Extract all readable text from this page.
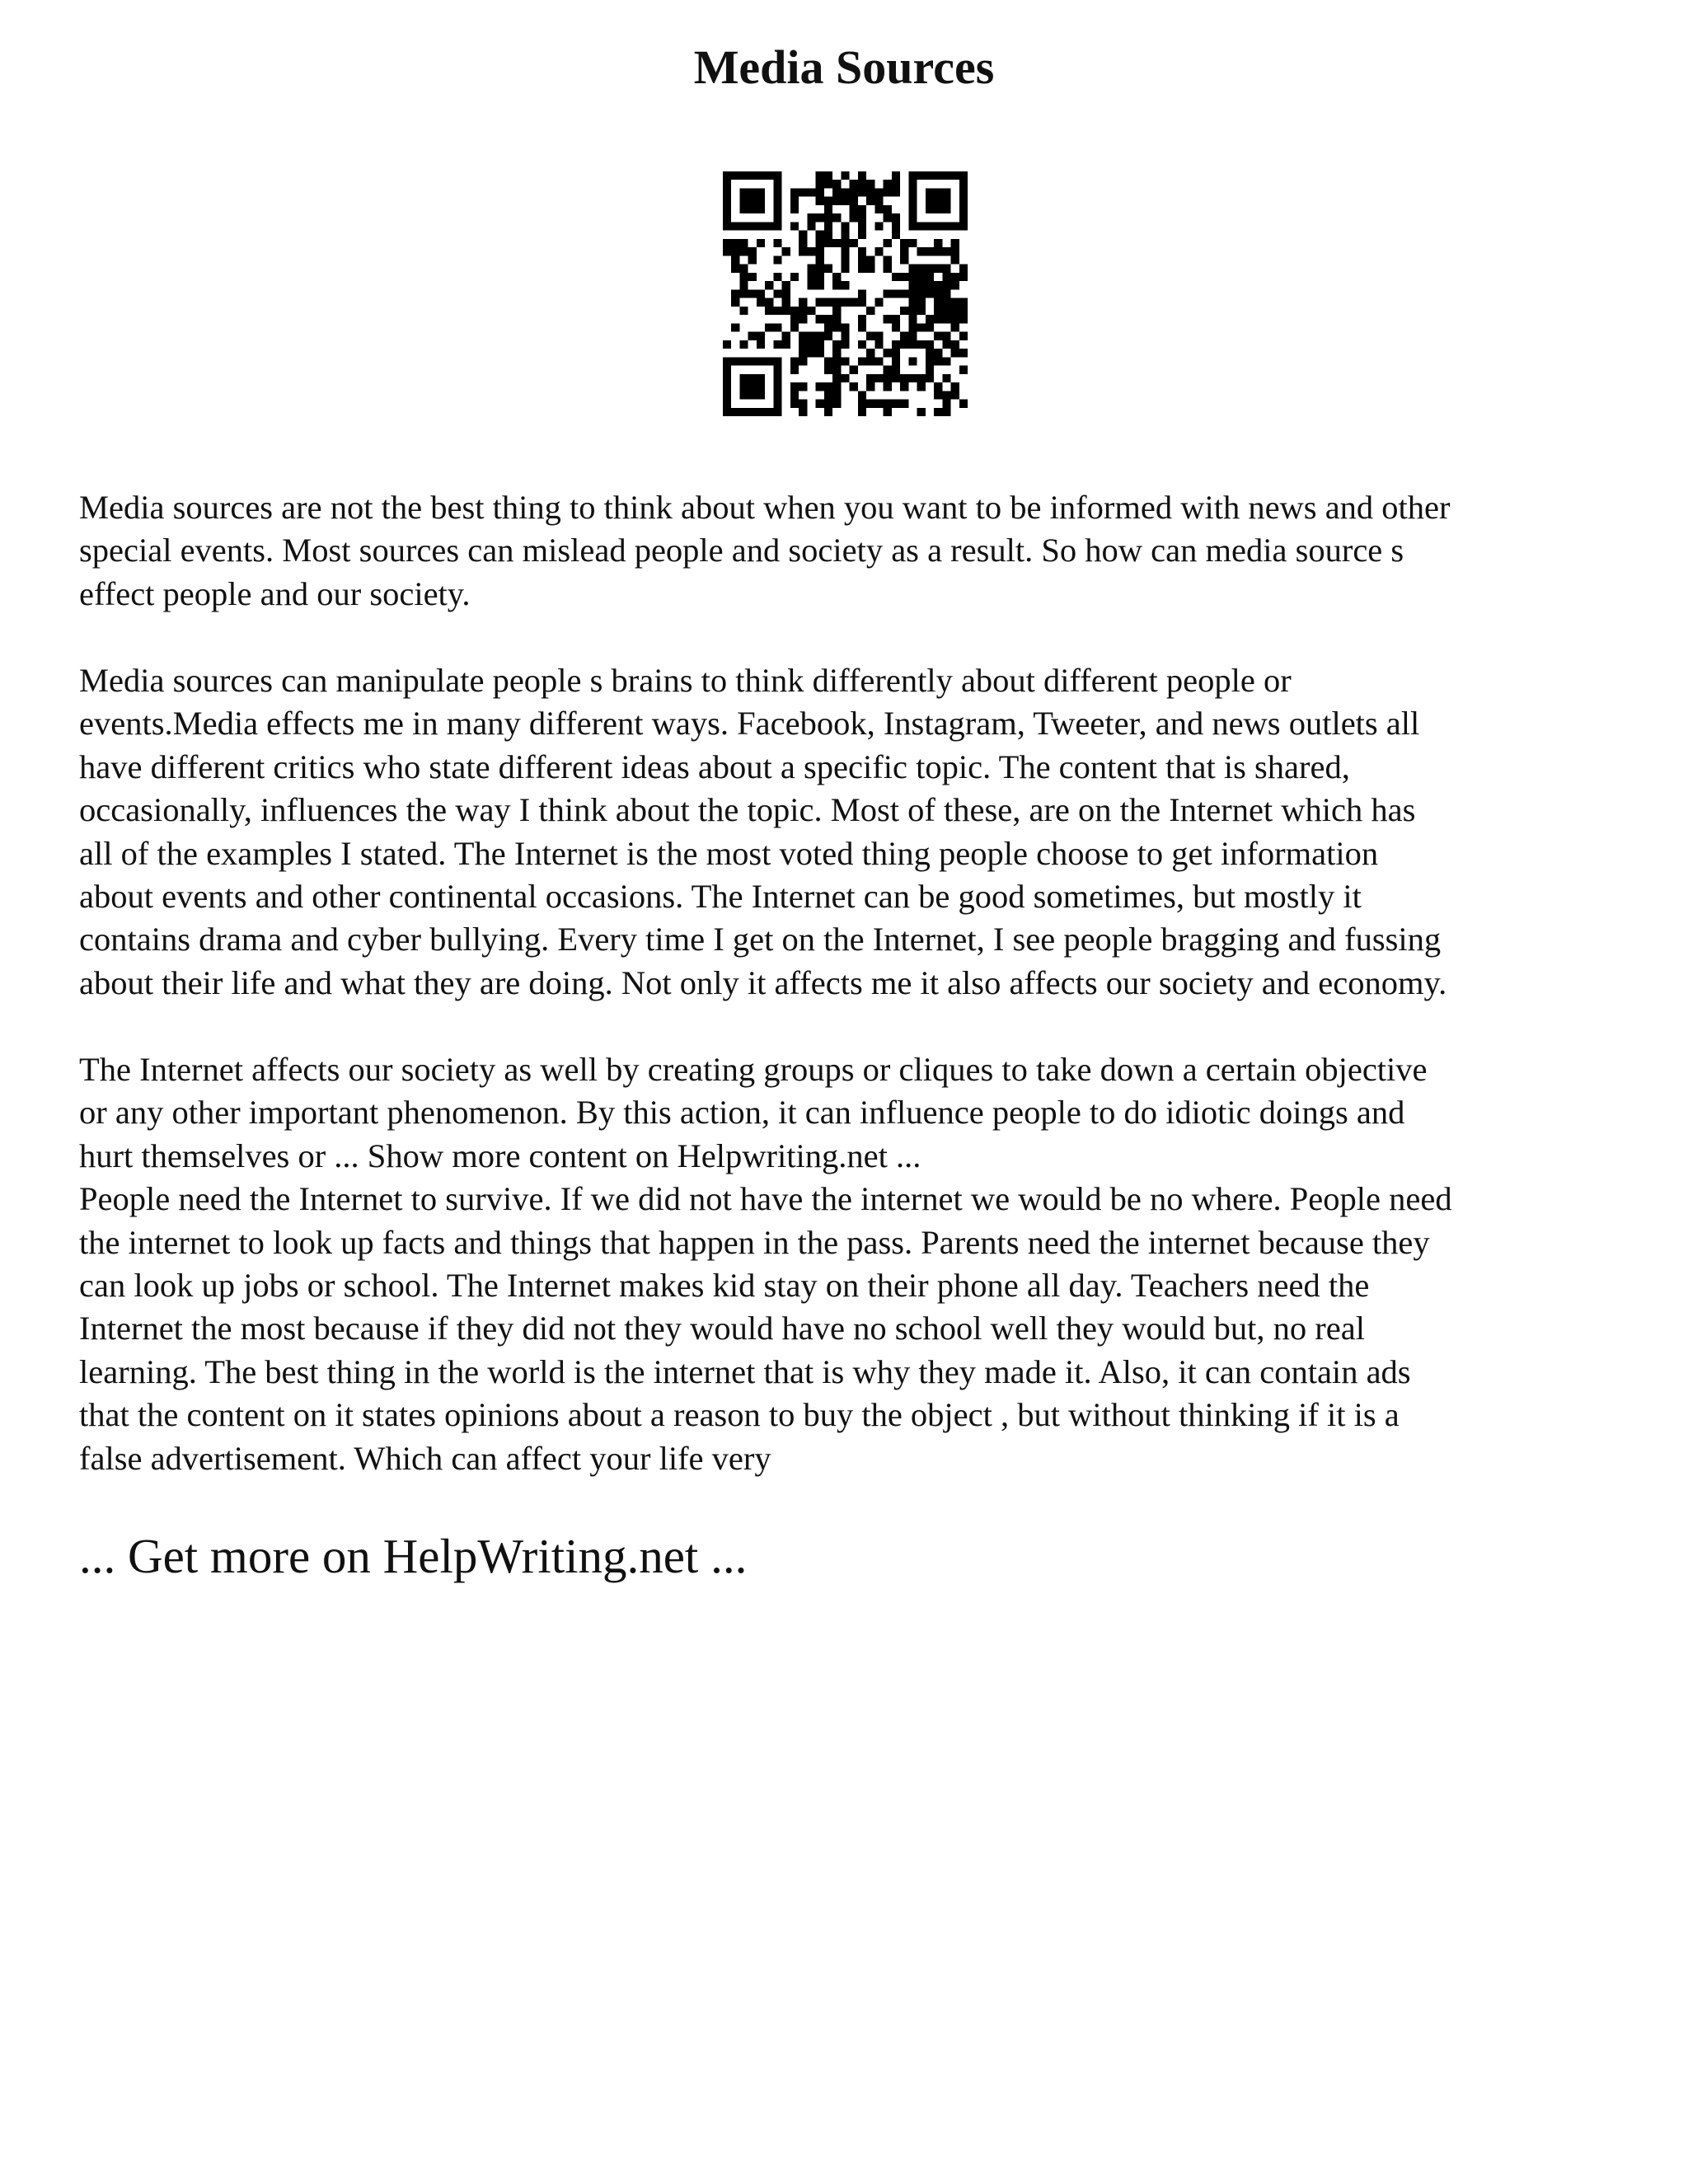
Media Sources
Media sources are not the best thing to think about when you want to be informed with news and other
special events. Most sources can mislead people and society as a result. So how can media source s
effect people and our society.
Media sources can manipulate people s brains to think differently about different people or
events.Media effects me in many different ways. Facebook, Instagram, Tweeter, and news outlets all
have different critics who state different ideas about a specific topic. The content that is shared,
occasionally, influences the way I think about the topic. Most of these, are on the Internet which has
all of the examples I stated. The Internet is the most voted thing people choose to get information
about events and other continental occasions. The Internet can be good sometimes, but mostly it
contains drama and cyber bullying. Every time I get on the Internet, I see people bragging and fussing
about their life and what they are doing. Not only it affects me it also affects our society and economy.
The Internet affects our society as well by creating groups or cliques to take down a certain objective
or any other important phenomenon. By this action, it can influence people to do idiotic doings and
hurt themselves or ... Show more content on Helpwriting.net ...
People need the Internet to survive. If we did not have the internet we would be no where. People need
the internet to look up facts and things that happen in the pass. Parents need the internet because they
can look up jobs or school. The Internet makes kid stay on their phone all day. Teachers need the
Internet the most because if they did not they would have no school well they would but, no real
learning. The best thing in the world is the internet that is why they made it. Also, it can contain ads
that the content on it states opinions about a reason to buy the object , but without thinking if it is a
false advertisement. Which can affect your life very

... Get more on HelpWriting.net ...
